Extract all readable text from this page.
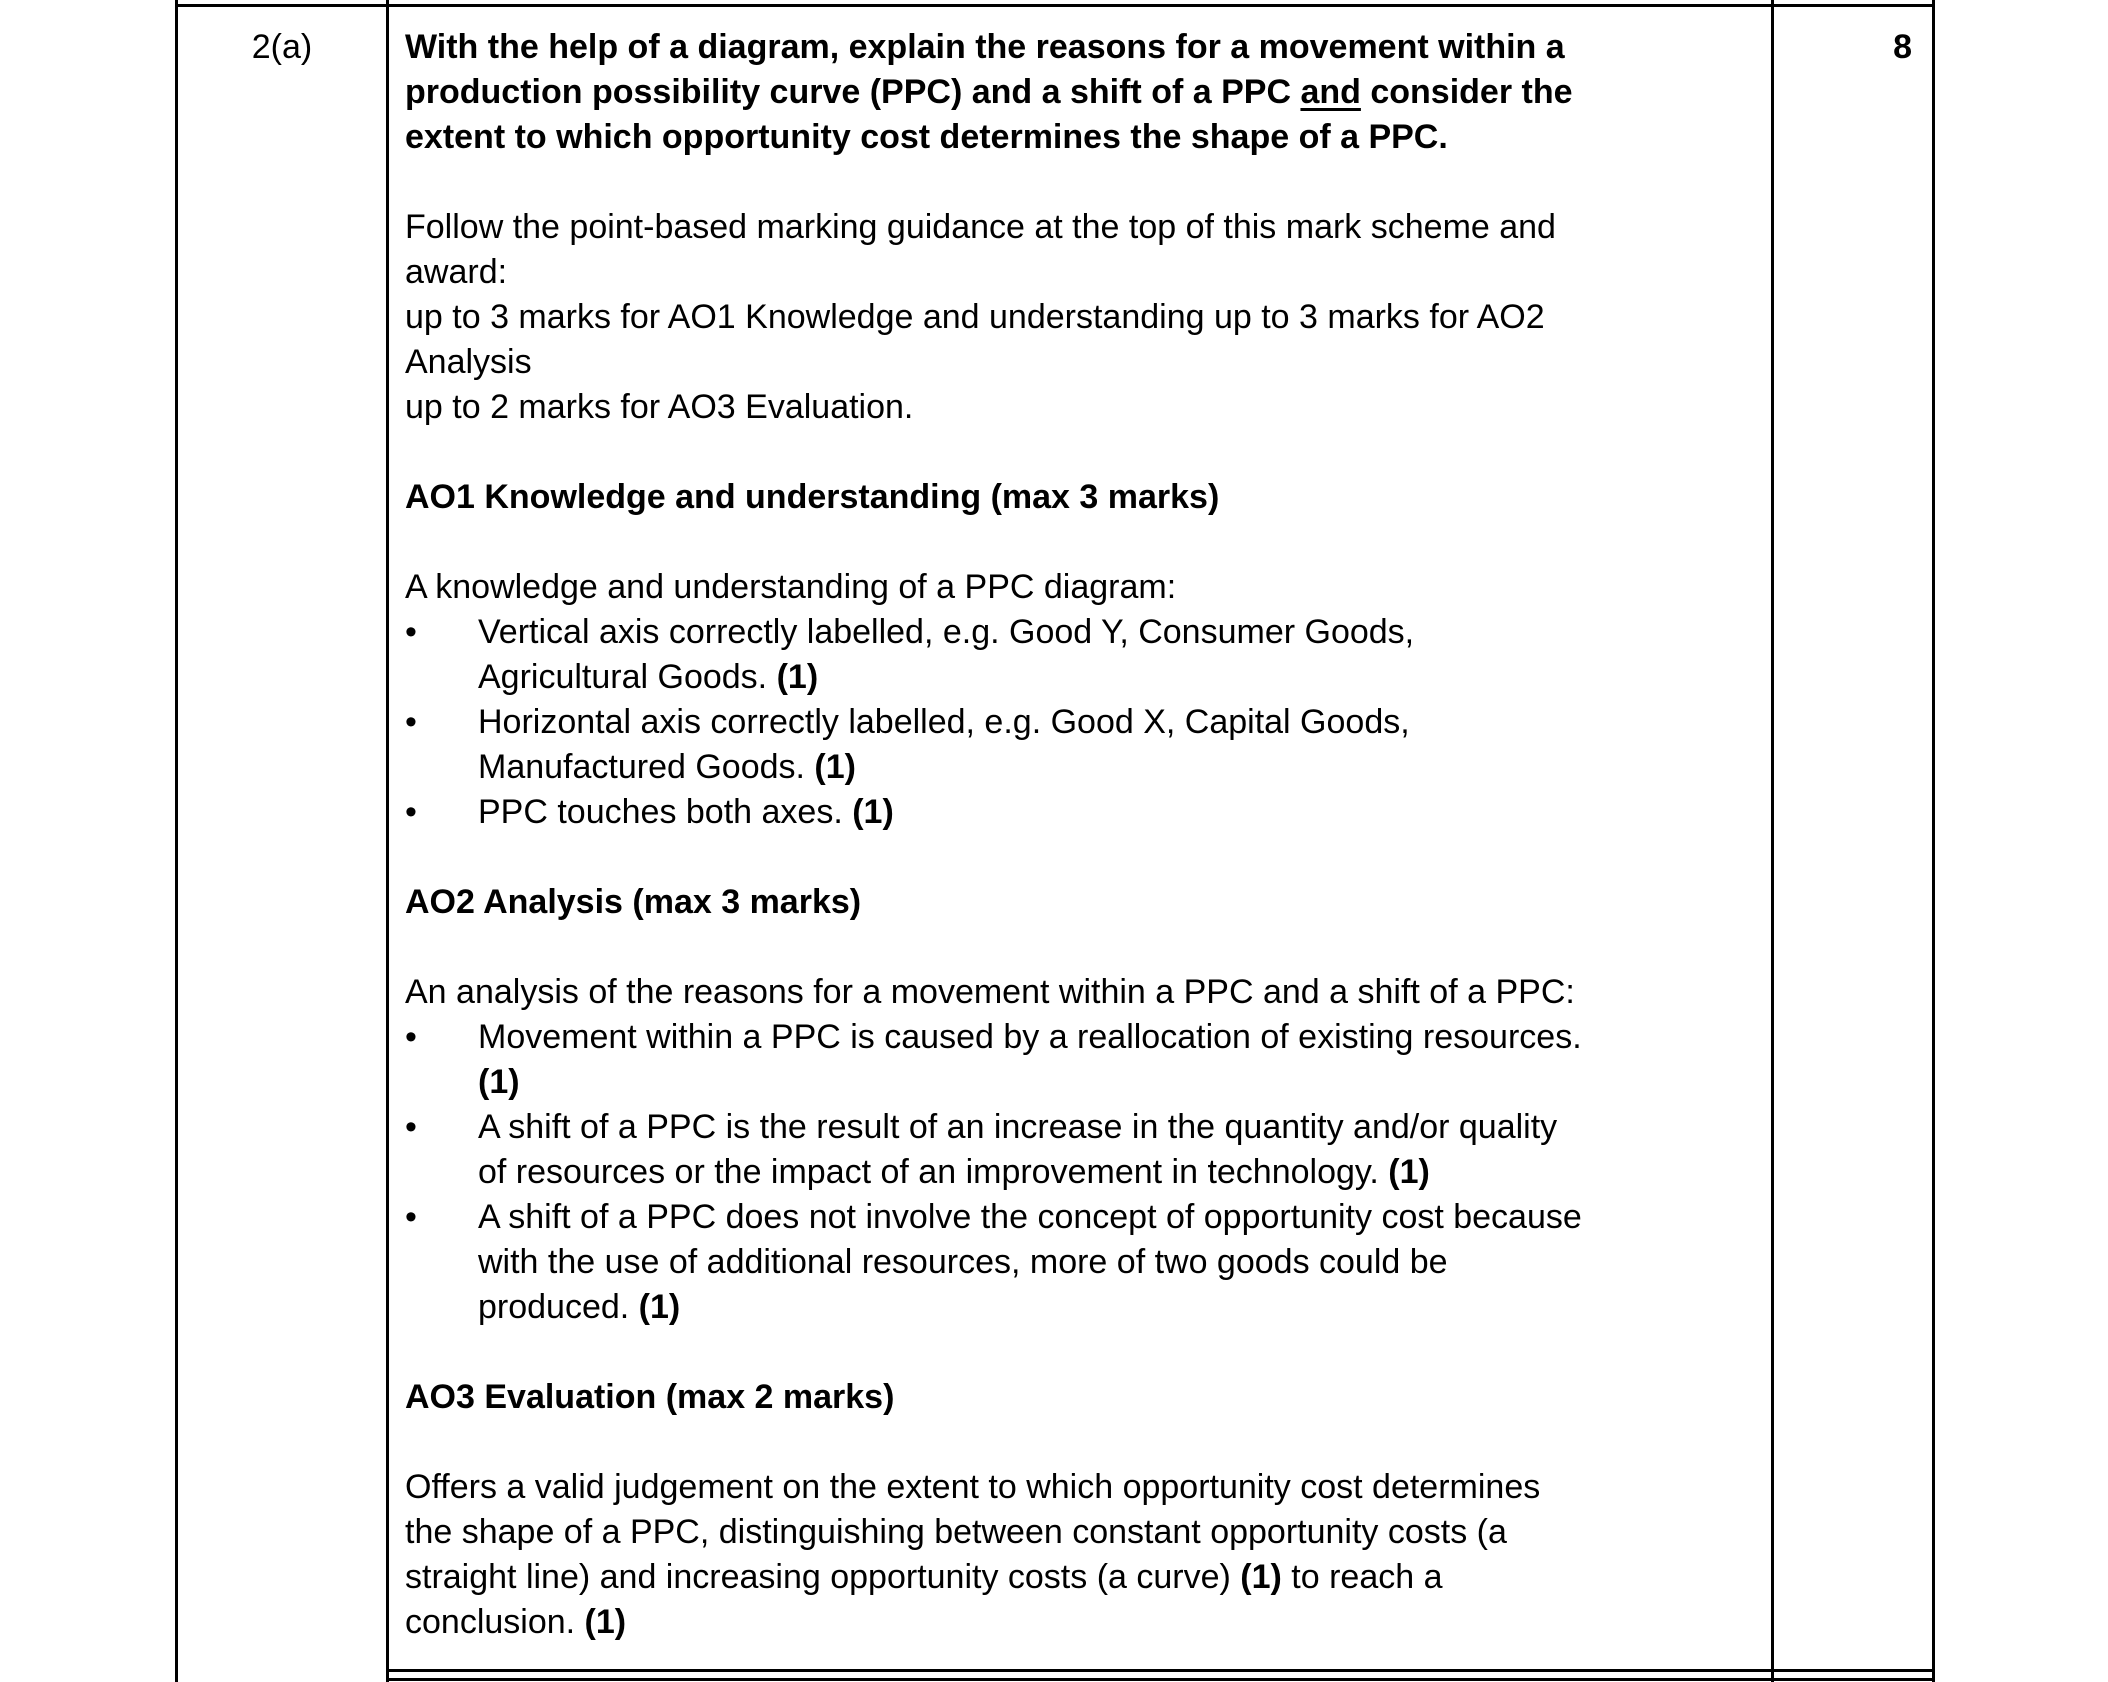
2(a)	With the help of a diagram, explain the reasons for a movement within a
production possibility curve (PPC) and a shift of a PPC and consider the
extent to which opportunity cost determines the shape of a PPC.
Follow the point-based marking guidance at the top of this mark scheme and
award:
up to 3 marks for AO1 Knowledge and understanding up to 3 marks for AO2
Analysis
up to 2 marks for AO3 Evaluation.
AO1 Knowledge and understanding (max 3 marks)
A knowledge and understanding of a PPC diagram:
• Vertical axis correctly labelled, e.g. Good Y, Consumer Goods,
Agricultural Goods. (1)
• Horizontal axis correctly labelled, e.g. Good X, Capital Goods,
Manufactured Goods. (1)
• PPC touches both axes. (1)
AO2 Analysis (max 3 marks)
An analysis of the reasons for a movement within a PPC and a shift of a PPC:
• Movement within a PPC is caused by a reallocation of existing resources.
(1)
• A shift of a PPC is the result of an increase in the quantity and/or quality
of resources or the impact of an improvement in technology. (1)
• A shift of a PPC does not involve the concept of opportunity cost because
with the use of additional resources, more of two goods could be
produced. (1)
AO3 Evaluation (max 2 marks)
Offers a valid judgement on the extent to which opportunity cost determines
the shape of a PPC, distinguishing between constant opportunity costs (a
straight line) and increasing opportunity costs (a curve) (1) to reach a
conclusion. (1)
8
